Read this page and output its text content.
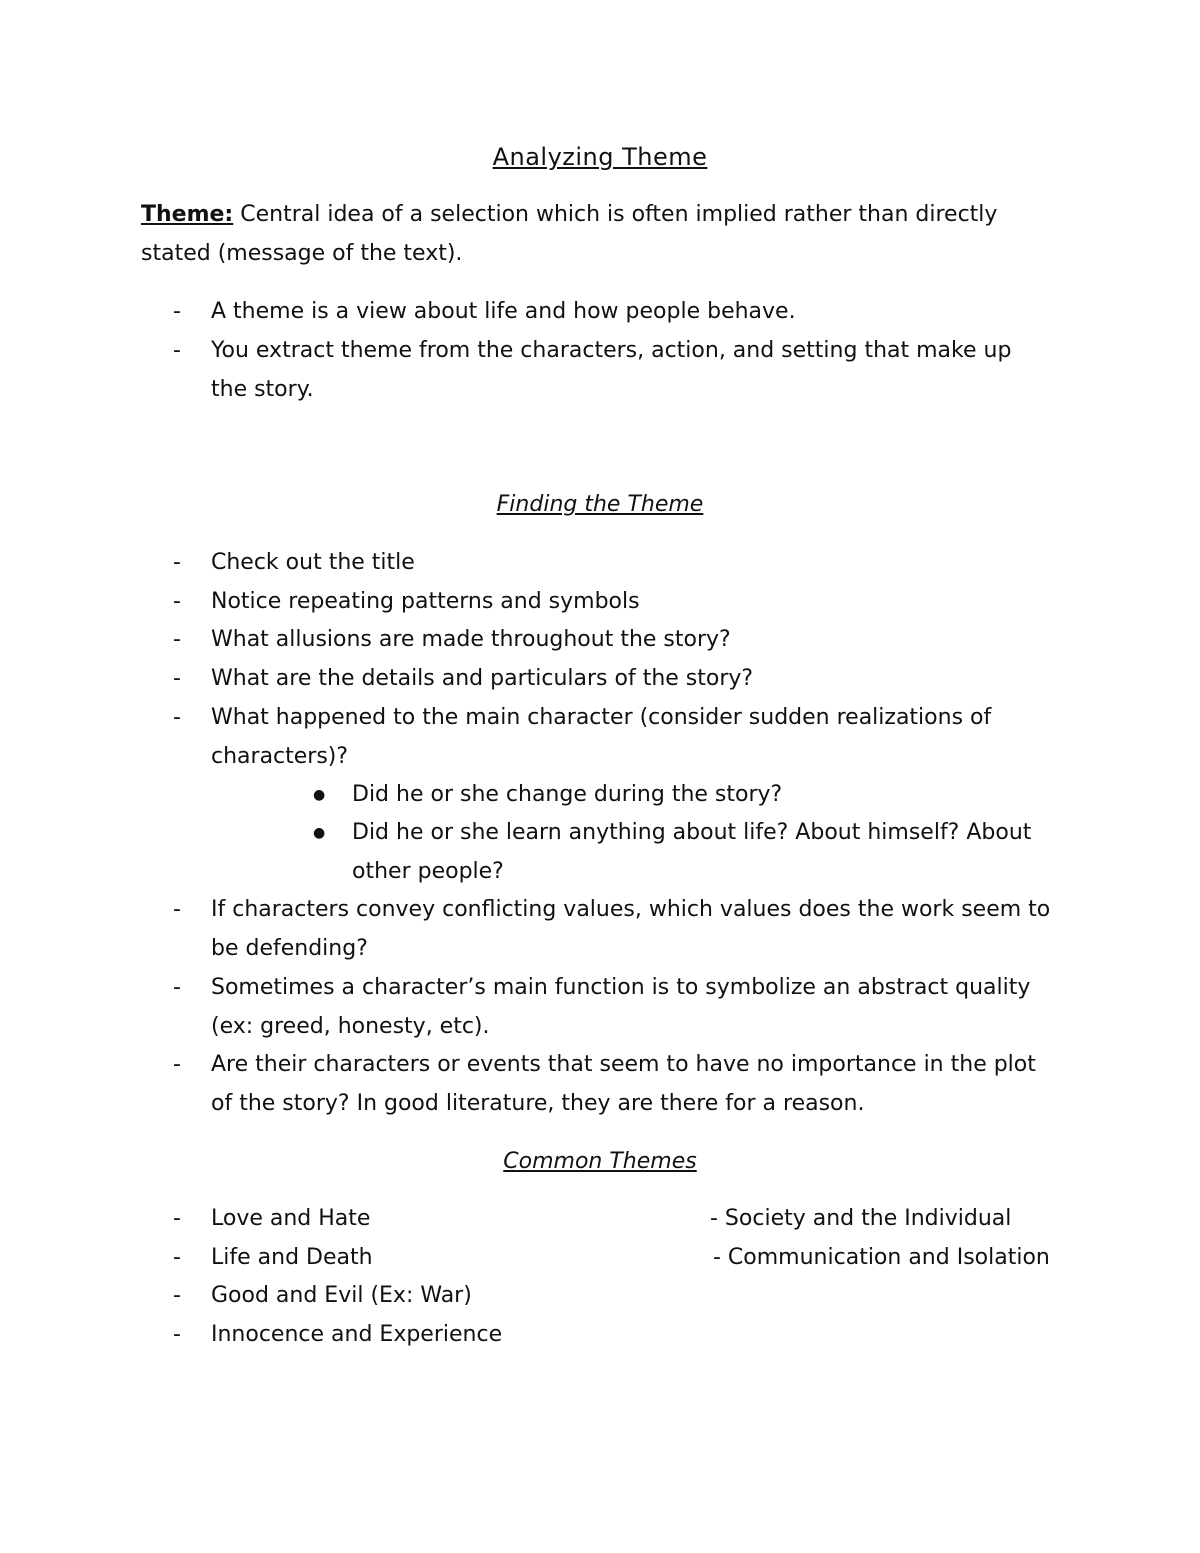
Analyzing Theme
Theme: Central idea of a selection which is often implied rather than directly
stated (message of the text).
- A theme is a view about life and how people behave.
- You extract theme from the characters, action, and setting that make up
the story.
Finding the Theme
- Check out the title
- Notice repeating patterns and symbols
- What allusions are made throughout the story?
- What are the details and particulars of the story?
- What happened to the main character (consider sudden realizations of
characters)?
● Did he or she change during the story?
● Did he or she learn anything about life? About himself? About
other people?
- If characters convey conflicting values, which values does the work seem to
be defending?
- Sometimes a character’s main function is to symbolize an abstract quality
(ex: greed, honesty, etc).
- Are their characters or events that seem to have no importance in the plot
of the story? In good literature, they are there for a reason.
Common Themes
- Love and Hate	- Society and the Individual
- Life and Death	- Communication and Isolation
- Good and Evil (Ex: War)
- Innocence and Experience
